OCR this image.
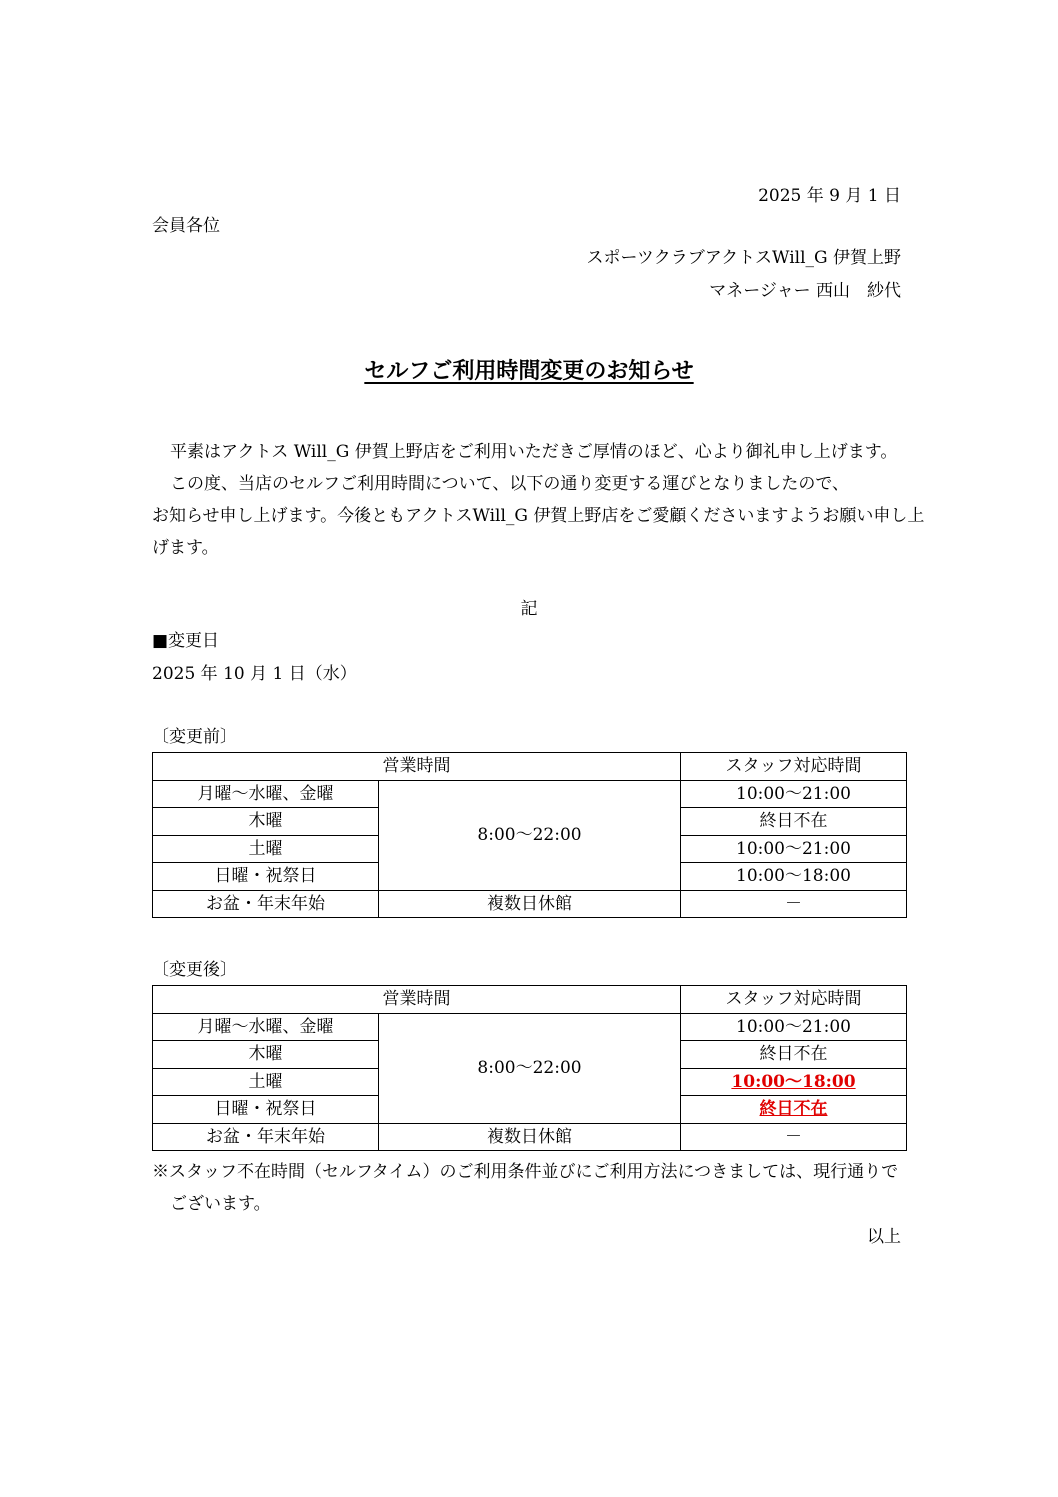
2025 年 9 月 1 日
会員各位
スポーツクラブアクトスWill_G 伊賀上野
マネージャー 西山　紗代
セルフご利用時間変更のお知らせ

平素はアクトス Will_G 伊賀上野店をご利用いただきご厚情のほど、心より御礼申し上げます。

この度、当店のセルフご利用時間について、以下の通り変更する運びとなりましたので、

お知らせ申し上げます。今後ともアクトスWill_G 伊賀上野店をご愛顧くださいますようお願い申し上

げます。

記
■変更日
2025 年 10 月 1 日（水）
〔変更前〕
営業時間		スタッフ対応時間
月曜～水曜、金曜	8:00～22:00	10:00～21:00
木曜		終日不在
土曜		10:00～21:00
日曜・祝祭日		10:00～18:00
お盆・年末年始	複数日休館	－
〔変更後〕
営業時間		スタッフ対応時間
月曜～水曜、金曜	8:00～22:00	10:00～21:00
木曜		終日不在
土曜		10:00～18:00
日曜・祝祭日		終日不在
お盆・年末年始	複数日休館	－
※スタッフ不在時間（セルフタイム）のご利用条件並びにご利用方法につきましては、現行通りで
ございます。
以上
